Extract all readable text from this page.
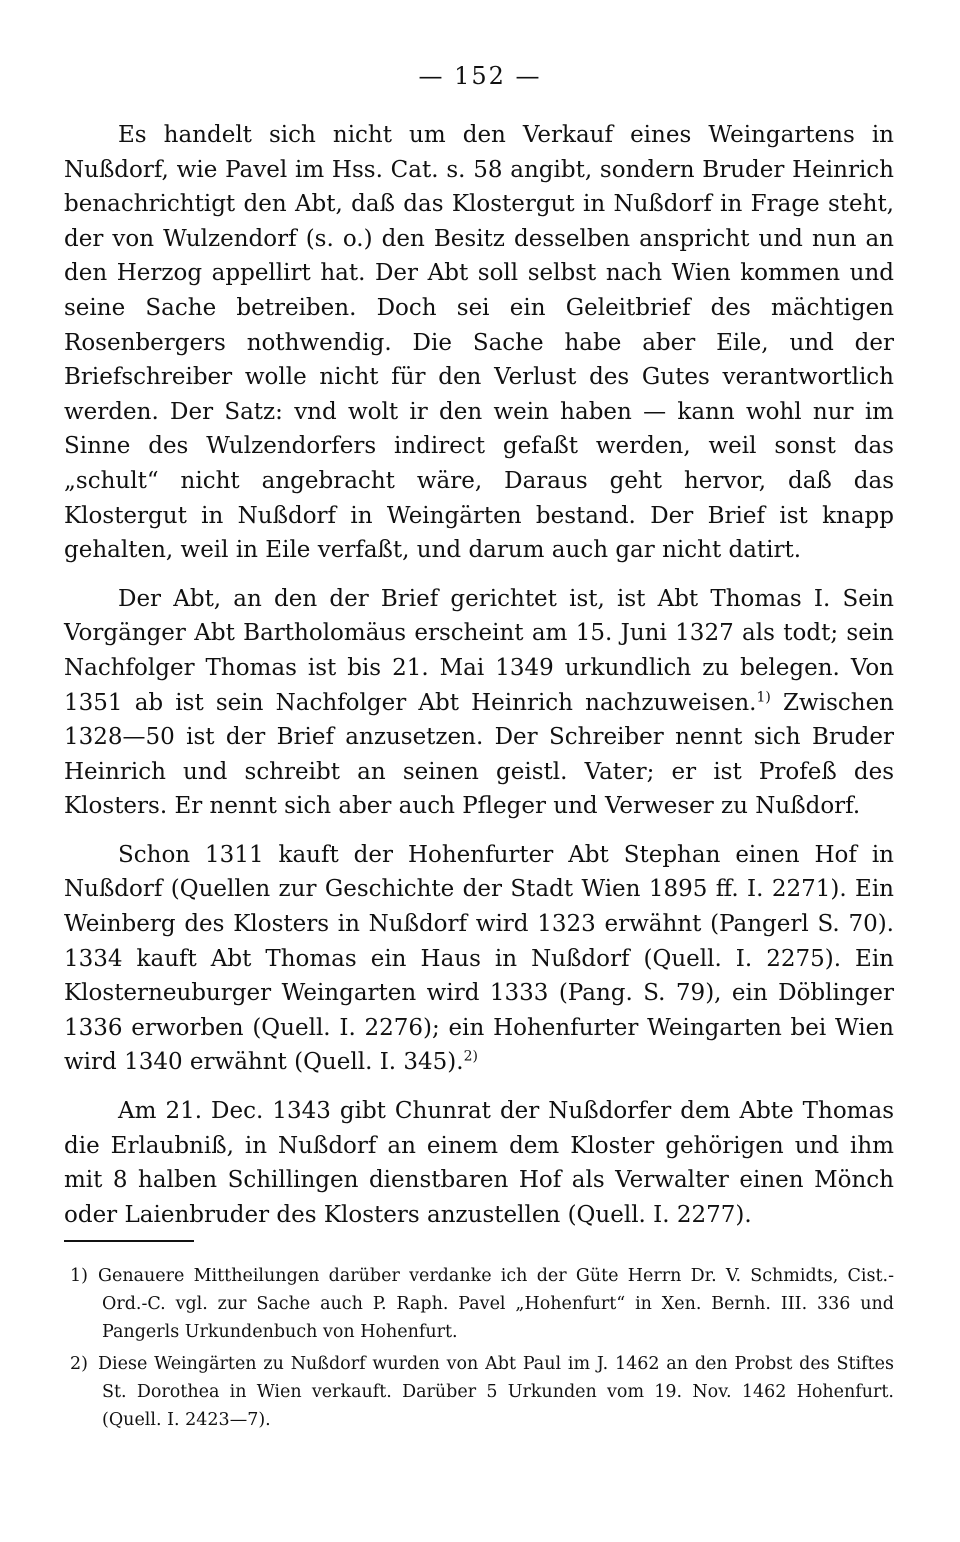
— 152 —

Es handelt sich nicht um den Verkauf eines Weingartens in Nußdorf, wie Pavel im Hss. Cat. s. 58 angibt, sondern Bruder Heinrich benachrichtigt den Abt, daß das Klostergut in Nußdorf in Frage steht, der von Wulzendorf (s. o.) den Besitz desselben anspricht und nun an den Herzog appellirt hat. Der Abt soll selbst nach Wien kommen und seine Sache betreiben. Doch sei ein Geleitbrief des mächtigen Rosenbergers nothwendig. Die Sache habe aber Eile, und der Briefschreiber wolle nicht für den Verlust des Gutes verantwortlich werden. Der Satz: vnd wolt ir den wein haben — kann wohl nur im Sinne des Wulzendorfers indirect gefaßt werden, weil sonst das „schult“ nicht angebracht wäre, Daraus geht hervor, daß das Klostergut in Nußdorf in Weingärten bestand. Der Brief ist knapp gehalten, weil in Eile verfaßt, und darum auch gar nicht datirt.

Der Abt, an den der Brief gerichtet ist, ist Abt Thomas I. Sein Vorgänger Abt Bartholomäus erscheint am 15. Juni 1327 als todt; sein Nachfolger Thomas ist bis 21. Mai 1349 urkundlich zu belegen. Von 1351 ab ist sein Nachfolger Abt Heinrich nachzuweisen.$^{1)}$ Zwischen 1328—50 ist der Brief anzusetzen. Der Schreiber nennt sich Bruder Heinrich und schreibt an seinen geistl. Vater; er ist Profeß des Klosters. Er nennt sich aber auch Pfleger und Verweser zu Nußdorf.

Schon 1311 kauft der Hohenfurter Abt Stephan einen Hof in Nußdorf (Quellen zur Geschichte der Stadt Wien 1895 ff. I. 2271). Ein Weinberg des Klosters in Nußdorf wird 1323 erwähnt (Pangerl S. 70). 1334 kauft Abt Thomas ein Haus in Nußdorf (Quell. I. 2275). Ein Klosterneuburger Weingarten wird 1333 (Pang. S. 79), ein Döblinger 1336 erworben (Quell. I. 2276); ein Hohenfurter Weingarten bei Wien wird 1340 erwähnt (Quell. I. 345).$^{2)}$

Am 21. Dec. 1343 gibt Chunrat der Nußdorfer dem Abte Thomas die Erlaubniß, in Nußdorf an einem dem Kloster gehörigen und ihm mit 8 halben Schillingen dienstbaren Hof als Verwalter einen Mönch oder Laienbruder des Klosters anzustellen (Quell. I. 2277).

1) Genauere Mittheilungen darüber verdanke ich der Güte Herrn Dr. V. Schmidts, Cist.-Ord.-C. vgl. zur Sache auch P. Raph. Pavel „Hohenfurt“ in Xen. Bernh. III. 336 und Pangerls Urkundenbuch von Hohenfurt.
2) Diese Weingärten zu Nußdorf wurden von Abt Paul im J. 1462 an den Probst des Stiftes St. Dorothea in Wien verkauft. Darüber 5 Urkunden vom 19. Nov. 1462 Hohenfurt. (Quell. I. 2423—7).
